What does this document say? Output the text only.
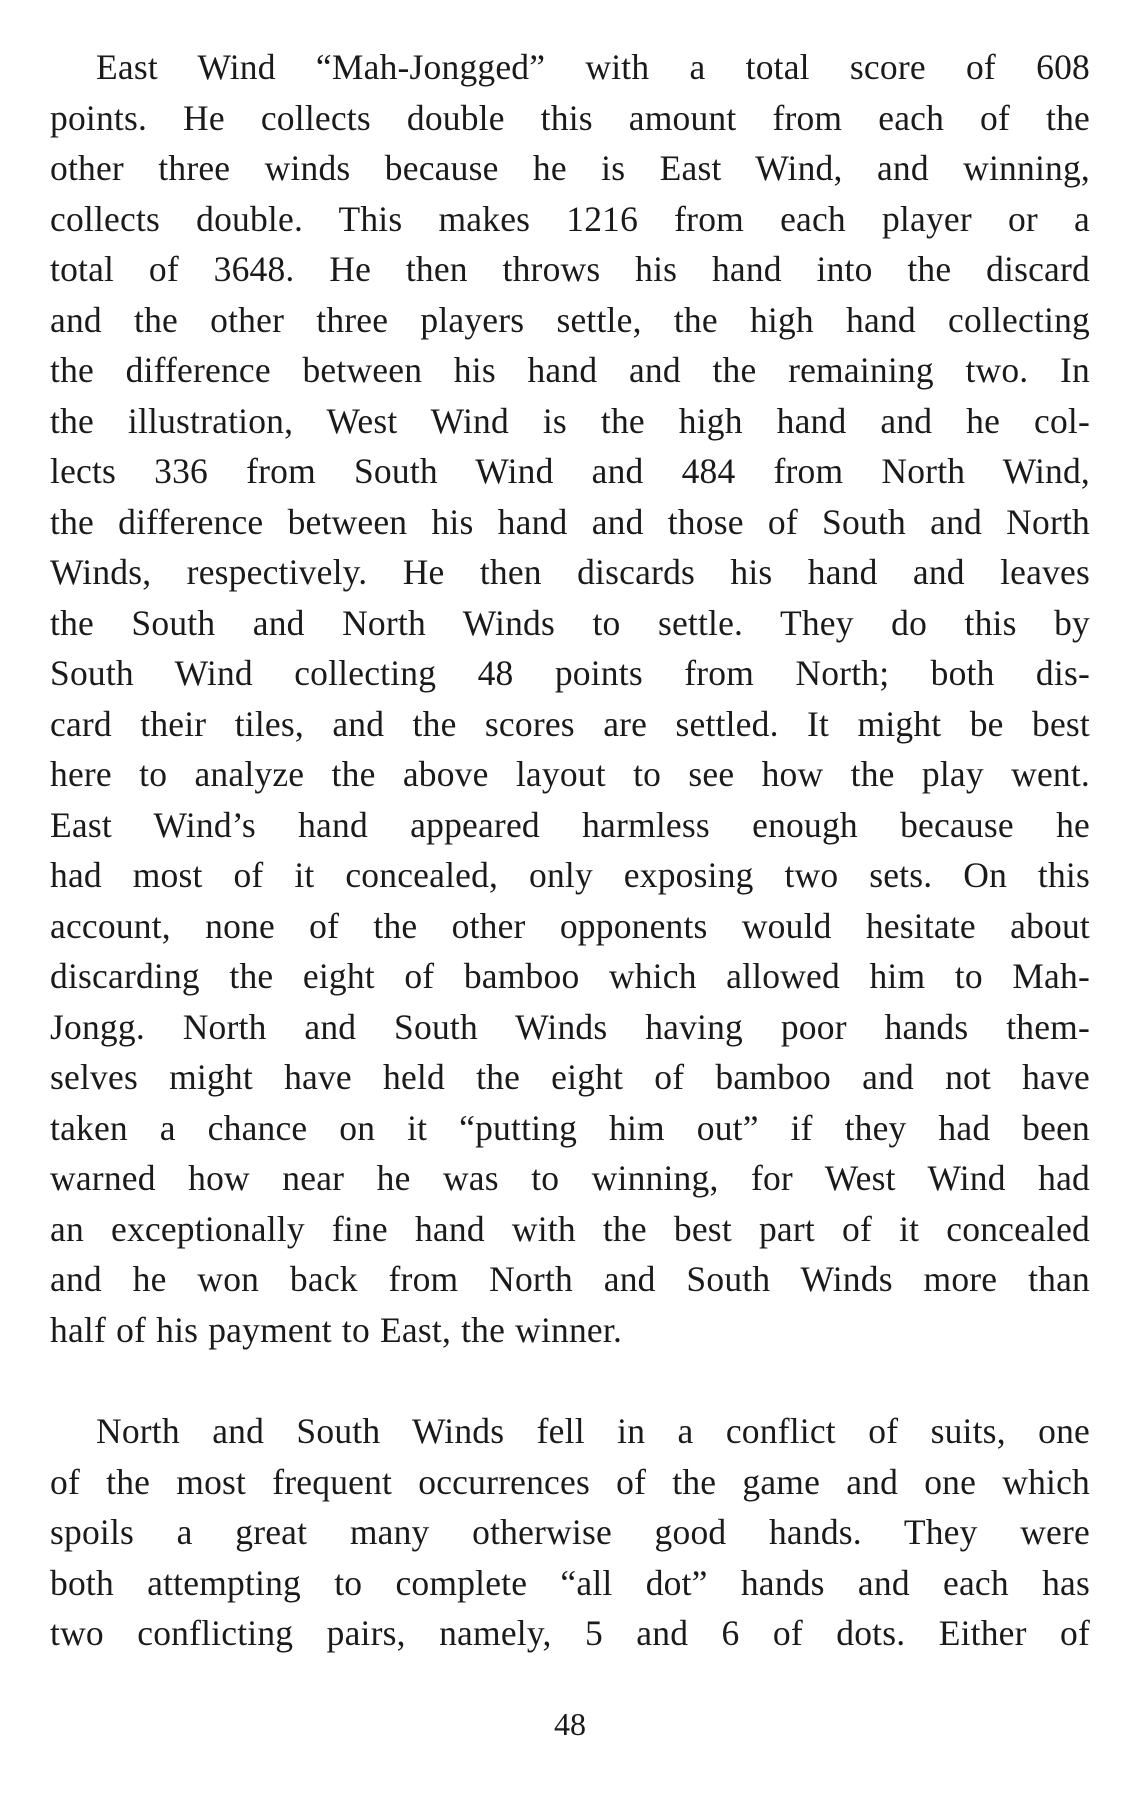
East Wind “Mah-Jongged” with a total score of 608
points. He collects double this amount from each of the
other three winds because he is East Wind, and winning,
collects double. This makes 1216 from each player or a
total of 3648. He then throws his hand into the discard
and the other three players settle, the high hand collecting
the difference between his hand and the remaining two. In
the illustration, West Wind is the high hand and he col-
lects 336 from South Wind and 484 from North Wind,
the difference between his hand and those of South and North
Winds, respectively. He then discards his hand and leaves
the South and North Winds to settle. They do this by
South Wind collecting 48 points from North; both dis-
card their tiles, and the scores are settled. It might be best
here to analyze the above layout to see how the play went.
East Wind’s hand appeared harmless enough because he
had most of it concealed, only exposing two sets. On this
account, none of the other opponents would hesitate about
discarding the eight of bamboo which allowed him to Mah-
Jongg. North and South Winds having poor hands them-
selves might have held the eight of bamboo and not have
taken a chance on it “putting him out” if they had been
warned how near he was to winning, for West Wind had
an exceptionally fine hand with the best part of it concealed
and he won back from North and South Winds more than
half of his payment to East, the winner.
North and South Winds fell in a conflict of suits, one
of the most frequent occurrences of the game and one which
spoils a great many otherwise good hands. They were
both attempting to complete “all dot” hands and each has
two conflicting pairs, namely, 5 and 6 of dots. Either of
48
